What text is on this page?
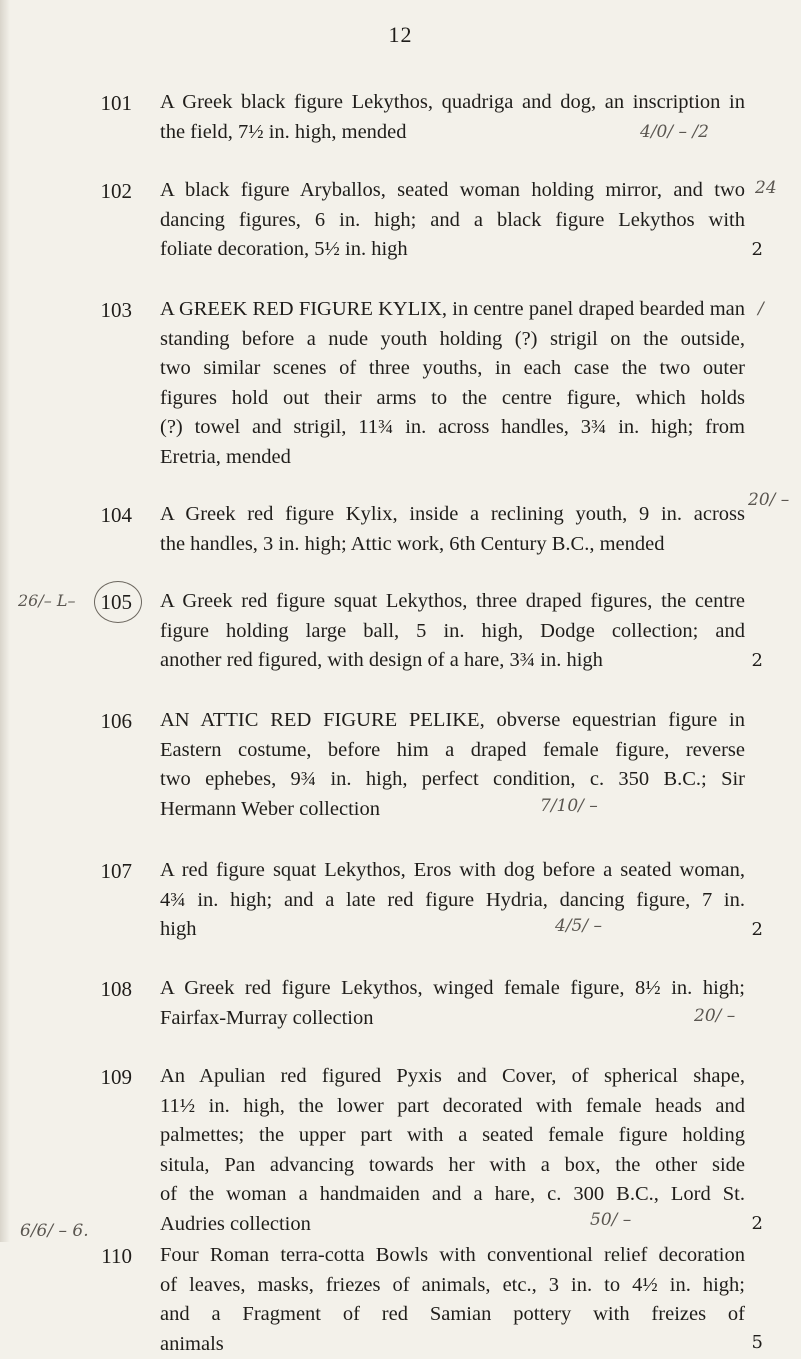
12
101 A Greek black figure Lekythos, quadriga and dog, an inscription in
the field, 7½ in. high, mended	4/0/ – /2
102 A black figure Aryballos, seated woman holding mirror, and two
dancing figures, 6 in. high; and a black figure Lekythos with
foliate decoration, 5½ in. high	2
24
103 A GREEK RED FIGURE KYLIX, in centre panel draped bearded man
standing before a nude youth holding (?) strigil on the outside,
two similar scenes of three youths, in each case the two outer
figures hold out their arms to the centre figure, which holds
(?) towel and strigil, 11¾ in. across handles, 3¾ in. high; from
Eretria, mended
/
104 A Greek red figure Kylix, inside a reclining youth, 9 in. across
the handles, 3 in. high; Attic work, 6th Century B.C., mended
20/ –
26/– L–	105 A Greek red figure squat Lekythos, three draped figures, the centre
figure holding large ball, 5 in. high, Dodge collection; and
another red figured, with design of a hare, 3¾ in. high	2
106 AN ATTIC RED FIGURE PELIKE, obverse equestrian figure in
Eastern costume, before him a draped female figure, reverse
two ephebes, 9¾ in. high, perfect condition, c. 350 B.C.; Sir
Hermann Weber collection	7/10/ –
107 A red figure squat Lekythos, Eros with dog before a seated woman,
4¾ in. high; and a late red figure Hydria, dancing figure, 7 in.
high	2
4/5/ –
108 A Greek red figure Lekythos, winged female figure, 8½ in. high;
Fairfax-Murray collection	20/ –
109 An Apulian red figured Pyxis and Cover, of spherical shape,
11½ in. high, the lower part decorated with female heads and
palmettes; the upper part with a seated female figure holding
situla, Pan advancing towards her with a box, the other side
of the woman a handmaiden and a hare, c. 300 B.C., Lord St.
Audries collection	2
50/ –
6/6/ – 6.
110 Four Roman terra-cotta Bowls with conventional relief decoration
of leaves, masks, friezes of animals, etc., 3 in. to 4½ in. high;
and a Fragment of red Samian pottery with freizes of
animals	5
